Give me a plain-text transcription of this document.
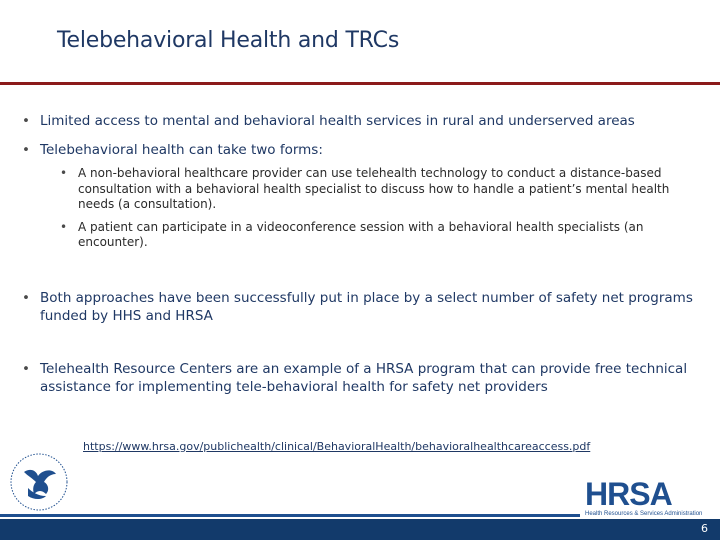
Telebehavioral Health and TRCs

• Limited access to mental and behavioral health services in rural and underserved areas

• Telebehavioral health can take two forms:

• A non-behavioral healthcare provider can use telehealth technology to conduct a distance-based consultation with a behavioral health specialist to discuss how to handle a patient’s mental health needs (a consultation).

• A patient can participate in a videoconference session with a behavioral health specialists (an encounter).

• Both approaches have been successfully put in place by a select number of safety net programs funded by HHS and HRSA

• Telehealth Resource Centers are an example of a HRSA program that can provide free technical assistance for implementing tele-behavioral health for safety net providers

https://www.hrsa.gov/publichealth/clinical/BehavioralHealth/behavioralhealthcareaccess.pdf
HRSA
Health Resources & Services Administration
6
